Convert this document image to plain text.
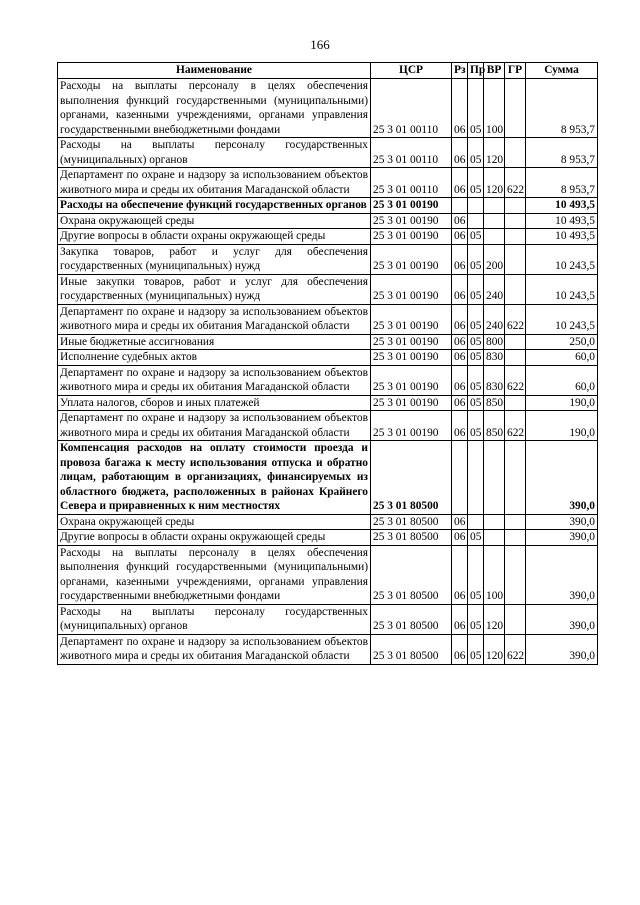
166
Наименование	ЦСР	Рз	Пр	ВР	ГР	Сумма
Расходы на выплаты персоналу в целях обеспечения выполнения функций государственными (муниципальными) органами, казенными учреждениями, органами управления государственными внебюджетными фондами	25 3 01 00110	06	05	100		8 953,7
Расходы на выплаты персоналу государственных (муниципальных) органов	25 3 01 00110	06	05	120		8 953,7
Департамент по охране и надзору за использованием объектов животного мира и среды их обитания Магаданской области	25 3 01 00110	06	05	120	622	8 953,7
Расходы на обеспечение функций государственных органов	25 3 01 00190					10 493,5
Охрана окружающей среды	25 3 01 00190	06				10 493,5
Другие вопросы в области охраны окружающей среды	25 3 01 00190	06	05			10 493,5
Закупка товаров, работ и услуг для обеспечения государственных (муниципальных) нужд	25 3 01 00190	06	05	200		10 243,5
Иные закупки товаров, работ и услуг для обеспечения государственных (муниципальных) нужд	25 3 01 00190	06	05	240		10 243,5
Департамент по охране и надзору за использованием объектов животного мира и среды их обитания Магаданской области	25 3 01 00190	06	05	240	622	10 243,5
Иные бюджетные ассигнования	25 3 01 00190	06	05	800		250,0
Исполнение судебных актов	25 3 01 00190	06	05	830		60,0
Департамент по охране и надзору за использованием объектов животного мира и среды их обитания Магаданской области	25 3 01 00190	06	05	830	622	60,0
Уплата налогов, сборов и иных платежей	25 3 01 00190	06	05	850		190,0
Департамент по охране и надзору за использованием объектов животного мира и среды их обитания Магаданской области	25 3 01 00190	06	05	850	622	190,0
Компенсация расходов на оплату стоимости проезда и провоза багажа к месту использования отпуска и обратно лицам, работающим в организациях, финансируемых из областного бюджета, расположенных в районах Крайнего Севера и приравненных к ним местностях	25 3 01 80500					390,0
Охрана окружающей среды	25 3 01 80500	06				390,0
Другие вопросы в области охраны окружающей среды	25 3 01 80500	06	05			390,0
Расходы на выплаты персоналу в целях обеспечения выполнения функций государственными (муниципальными) органами, казенными учреждениями, органами управления государственными внебюджетными фондами	25 3 01 80500	06	05	100		390,0
Расходы на выплаты персоналу государственных (муниципальных) органов	25 3 01 80500	06	05	120		390,0
Департамент по охране и надзору за использованием объектов животного мира и среды их обитания Магаданской области	25 3 01 80500	06	05	120	622	390,0
